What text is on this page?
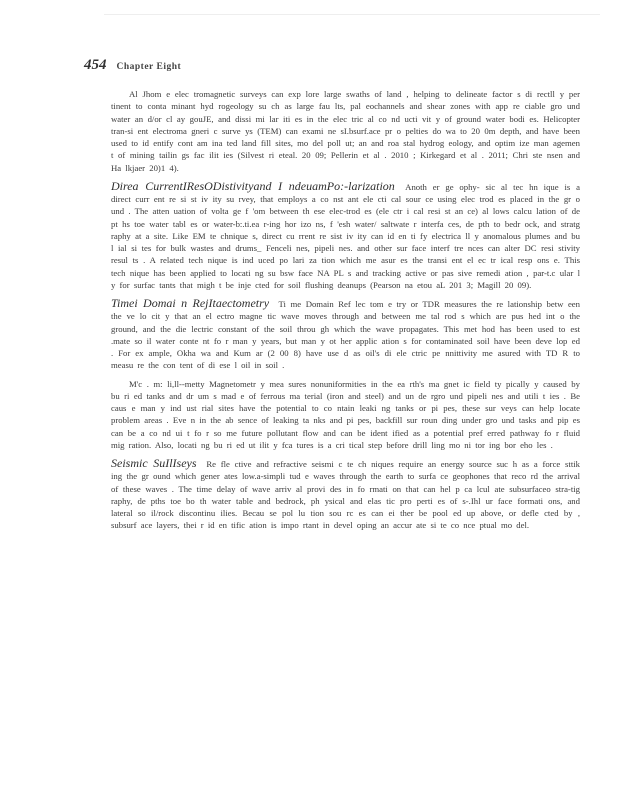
454 Chapter Eight

Al Jhom e elec tromagnetic surveys can exp lore large swaths of land , helping to delineate factor s di rectll y per tinent to conta minant hyd rogeology su ch as large fau lts, pal eochannels and shear zones with app re ciable gro und water an d/or cl ay gouJE, and dissi mi lar iti es in the elec tric al co nd ucti vit y of ground water bodi es. Helicopter tran-si ent electroma gneri c surve ys (TEM) can exami ne sI.bsurf.ace pr o pelties do wa to 20 0m depth, and have been used to id entify cont am ina ted land fill sites, mo del poll ut; an and roa stal hydrog eology, and optim ize man agemen t of mining tailin gs fac ilit ies (Silvest ri eteal. 20 09; Pellerin et al . 2010 ; Kirkegard et al . 2011; Chri ste nsen and Ha lkjaer 20)1 4).

Direa CurrentIResODistivityand I ndeuamPo:-larization Anoth er ge ophy- sic al tec hn ique is a direct curr ent re si st iv ity su rvey, that employs a co nst ant ele cti cal sour ce using elec trod es placed in the gr o und . The atten uation of volta ge f 'om between th ese elec-trod es (ele ctr i cal resi st an ce) al lows calcu lation of de pt hs toe water tabl es or water-b:.ti.ea r-ing hor izo ns, f 'esh water/ saltwate r interfa ces, de pth to bedr ock, and stratg raphy at a site. Like EM te chnique s, direct cu rrent re sist iv ity can id en ti fy electrica ll y anomalous plumes and bu l ial si tes for bulk wastes and drums_ Fenceli nes, pipeli nes. and other sur face interf tre nces can alter DC resi stivity resul ts . A related tech nique is ind uced po lari za tion which me asur es the transi ent el ec tr ical resp ons e. This tech nique has been applied to locati ng su bsw face NA PL s and tracking active or pas sive remedi ation , par-t.c ular l y for surfac tants that migh t be inje cted for soil flushing deanups (Pearson na etou aL 201 3; Magill 20 09).

Timei Domai n RejItaectometry Ti me Domain Ref lec tom e try or TDR measures the re lationship betw een the ve lo cit y that an el ectro magne tic wave moves through and between me tal rod s which are pus hed int o the ground, and the die lectric constant of the soil throu gh which the wave propagates. This met hod has been used to est .mate so il water conte nt fo r man y years, but man y ot her applic ation s for contaminated soil have been deve lop ed . For ex ample, Okha wa and Kum ar (2 00 8) have use d as oil's di ele ctric pe nnittivity me asured with TD R to measu re the con tent of di ese l oil in soil .

M'c . m: li,ll--metty Magnetometr y mea sures nonuniformities in the ea rth's ma gnet ic field ty pically y caused by bu ri ed tanks and dr um s mad e of ferrous ma terial (iron and steel) and un de rgro und pipeli nes and utili t ies . Be caus e man y ind ust rial sites have the potential to co ntain leaki ng tanks or pi pes, these sur veys can help locate problem areas . Eve n in the ab sence of leaking ta nks and pi pes, backfill sur roun ding under gro und tasks and pip es can be a co nd ui t fo r so me future pollutant flow and can be ident ified as a potential pref erred pathway fo r fluid mig ration. Also, locati ng bu ri ed ut ilit y fca tures is a cri tical step before drill ling mo ni tor ing bor eho les .

Seismic SuIlIseys Re fle ctive and refractive seismi c te ch niques require an energy source suc h as a force sttik ing the gr ound which gener ates low.a-simpli tud e waves through the earth to surfa ce geophones that reco rd the arrival of these waves . The time delay of wave arriv al provi des in fo rmati on that can hel p ca lcul ate subsurfaceo stra-tig raphy, de pths toe bo th water table and bedrock, ph ysical and elas tic pro perti es of s-.Ihl ur face formati ons, and lateral so il/rock discontinu ilies. Becau se pol lu tion sou rc es can ei ther be pool ed up above, or defle cted by , subsurf ace layers, thei r id en tific ation is impo rtant in devel oping an accur ate si te co nce ptual mo del.
